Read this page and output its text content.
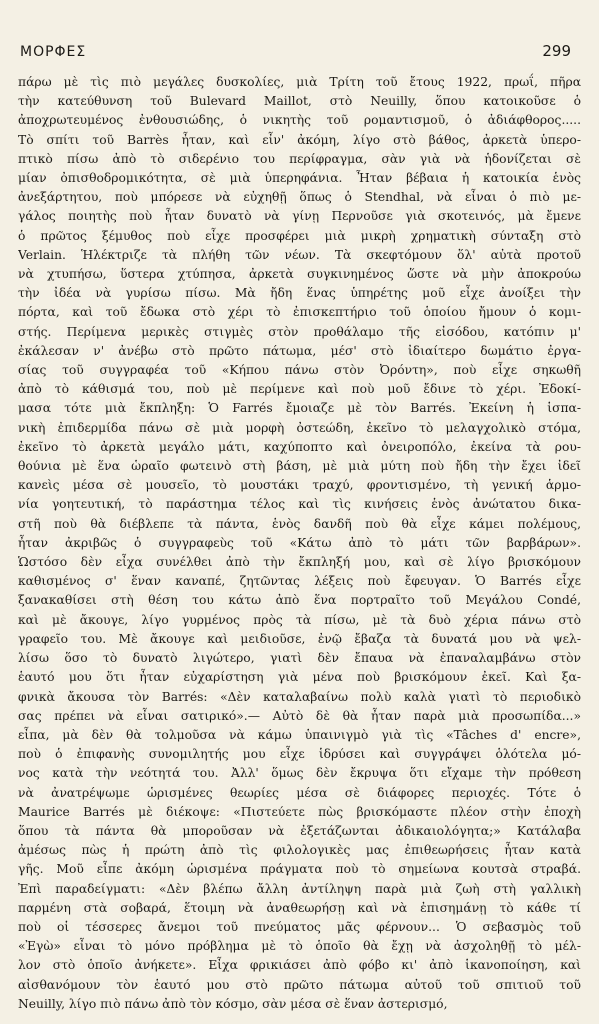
ΜΟΡΦΕΣ	299
πάρω μὲ τὶς πιὸ μεγάλες δυσκολίες, μιὰ Τρίτη τοῦ ἔτους 1922, πρωΐ, πῆρα
τὴν κατεύθυνση τοῦ Bulevard Maillot, στὸ Neuilly, ὅπου κατοικοῦσε ὁ
ἀποχρωτευμένος ἐνθουσιώδης, ὁ νικητὴς τοῦ ρομαντισμοῦ, ὁ ἀδιάφθορος.....
Τὸ σπίτι τοῦ Barrès ἦταν, καὶ εἶν' ἀκόμη, λίγο στὸ βάθος, ἀρκετὰ ὑπερο-
πτικὸ πίσω ἀπὸ τὸ σιδερένιο του περίφραγμα, σὰν γιὰ νὰ ἡδονίζεται σὲ
μίαν ὀπισθοδρομικότητα, σὲ μιὰ ὑπερηφάνια. Ἦταν βέβαια ἡ κατοικία ἑνὸς
ἀνεξάρτητου, ποὺ μπόρεσε νὰ εὐχηθῇ ὅπως ὁ Stendhal, νὰ εἶναι ὁ πιὸ με-
γάλος ποιητὴς ποὺ ἦταν δυνατὸ νὰ γίνῃ Περνοῦσε γιὰ σκοτεινός, μὰ ἔμενε
ὁ πρῶτος ξέμυθος ποὺ εἶχε προσφέρει μιὰ μικρὴ χρηματικὴ σύνταξη στὸ
Verlain. Ἡλέκτριζε τὰ πλήθη τῶν νέων. Τὰ σκεφτόμουν ὅλ' αὐτὰ προτοῦ
νὰ χτυπήσω, ὕστερα χτύπησα, ἀρκετὰ συγκινημένος ὥστε νὰ μὴν ἀποκρούω
τὴν ἰδέα νὰ γυρίσω πίσω. Μὰ ἤδη ἕνας ὑπηρέτης μοῦ εἶχε ἀνοίξει τὴν
πόρτα, καὶ τοῦ ἔδωκα στὸ χέρι τὸ ἐπισκεπτήριο τοῦ ὁποίου ἤμουν ὁ κομι-
στής. Περίμενα μερικὲς στιγμὲς στὸν προθάλαμο τῆς εἰσόδου, κατόπιν μ'
ἐκάλεσαν ν' ἀνέβω στὸ πρῶτο πάτωμα, μέσ' στὸ ἰδιαίτερο δωμάτιο ἐργα-
σίας τοῦ συγγραφέα τοῦ «Κήπου πάνω στὸν Ὀρόντη», ποὺ εἶχε σηκωθῆ
ἀπὸ τὸ κάθισμά του, ποὺ μὲ περίμενε καὶ ποὺ μοῦ ἔδινε τὸ χέρι. Ἐδοκί-
μασα τότε μιὰ ἔκπληξη: Ὁ Farrés ἔμοιαζε μὲ τὸν Barrés. Ἐκείνη ἡ ἱσπα-
νικὴ ἐπιδερμίδα πάνω σὲ μιὰ μορφὴ ὀστεώδη, ἐκεῖνο τὸ μελαγχολικὸ στόμα,
ἐκεῖνο τὸ ἀρκετὰ μεγάλο μάτι, καχύποπτο καὶ ὀνειροπόλο, ἐκείνα τὰ ρου-
θούνια μὲ ἕνα ὡραῖο φωτεινὸ στὴ βάση, μὲ μιὰ μύτη ποὺ ἤδη τὴν ἔχει ἰδεῖ
κανεὶς μέσα σὲ μουσεῖο, τὸ μουστάκι τραχύ, φροντισμένο, τὴ γενική ἁρμο-
νία γοητευτική, τὸ παράστημα τέλος καὶ τὶς κινήσεις ἑνὸς ἀνώτατου δικα-
στῆ ποὺ θὰ διέβλεπε τὰ πάντα, ἑνὸς δανδῆ ποὺ θὰ εἶχε κάμει πολέμους,
ἦταν ἀκριβῶς ὁ συγγραφεὺς τοῦ «Κάτω ἀπὸ τὸ μάτι τῶν βαρβάρων».
Ὡστόσο δὲν εἶχα συνέλθει ἀπὸ τὴν ἔκπληξή μου, καὶ σὲ λίγο βρισκόμουν
καθισμένος σ' ἕναν καναπέ, ζητῶντας λέξεις ποὺ ἔφευγαν. Ὁ Barrés εἶχε
ξανακαθίσει στὴ θέση του κάτω ἀπὸ ἕνα πορτραῖτο τοῦ Μεγάλου Condé,
καὶ μὲ ἄκουγε, λίγο γυρμένος πρὸς τὰ πίσω, μὲ τὰ δυὸ χέρια πάνω στὸ
γραφεῖο του. Μὲ ἄκουγε καὶ μειδιοῦσε, ἐνῷ ἔβαζα τὰ δυνατά μου νὰ ψελ-
λίσω ὅσο τὸ δυνατὸ λιγώτερο, γιατὶ δὲν ἔπαυα νὰ ἐπαναλαμβάνω στὸν
ἑαυτό μου ὅτι ἦταν εὐχαρίστηση γιὰ μένα ποὺ βρισκόμουν ἐκεῖ. Καὶ ξα-
φνικὰ ἄκουσα τὸν Barrés: «Δὲν καταλαβαίνω πολὺ καλὰ γιατὶ τὸ περιοδικὸ
σας πρέπει νὰ εἶναι σατιρικό».— Αὐτὸ δὲ θὰ ἦταν παρὰ μιὰ προσωπίδα...»
εἶπα, μὰ δὲν θὰ τολμοῦσα νὰ κάμω ὑπαινιγμὸ γιὰ τὶς «Tâches d' encre»,
ποὺ ὁ ἐπιφανὴς συνομιλητής μου εἶχε ἱδρύσει καὶ συγγράψει ὁλότελα μό-
νος κατὰ τὴν νεότητά του. Ἀλλ' ὅμως δὲν ἔκρυψα ὅτι εἴχαμε τὴν πρόθεση
νὰ ἀνατρέψωμε ὡρισμένες θεωρίες μέσα σὲ διάφορες περιοχές. Τότε ὁ
Maurice Barrés μὲ διέκοψε: «Πιστεύετε πὼς βρισκόμαστε πλέον στὴν ἐποχὴ
ὅπου τὰ πάντα θὰ μποροῦσαν νὰ ἐξετάζωνται ἀδικαιολόγητα;» Κατάλαβα
ἀμέσως πὼς ἡ πρώτη ἀπὸ τὶς φιλολογικὲς μας ἐπιθεωρήσεις ἦταν κατὰ
γῆς. Μοῦ εἶπε ἀκόμη ὡρισμένα πράγματα ποὺ τὸ σημείωνα κουτσὰ στραβά.
Ἐπὶ παραδείγματι: «Δὲν βλέπω ἄλλη ἀντίληψη παρὰ μιὰ ζωὴ στὴ γαλλικὴ
παρμένη στὰ σοβαρά, ἕτοιμη νὰ ἀναθεωρήσῃ καὶ νὰ ἐπισημάνῃ τὸ κάθε τί
ποὺ οἱ τέσσερες ἄνεμοι τοῦ πνεύματος μᾶς φέρνουν... Ὁ σεβασμὸς τοῦ
«Ἐγὼ» εἶναι τὸ μόνο πρόβλημα μὲ τὸ ὁποῖο θὰ ἔχῃ νὰ ἀσχοληθῇ τὸ μέλ-
λον στὸ ὁποῖο ἀνήκετε». Εἶχα φρικιάσει ἀπὸ φόβο κι' ἀπὸ ἱκανοποίηση, καὶ
αἰσθανόμουν τὸν ἑαυτό μου στὸ πρῶτο πάτωμα αὐτοῦ τοῦ σπιτιοῦ τοῦ
Neuilly, λίγο πιὸ πάνω ἀπὸ τὸν κόσμο, σὰν μέσα σὲ ἕναν ἀστερισμό,
